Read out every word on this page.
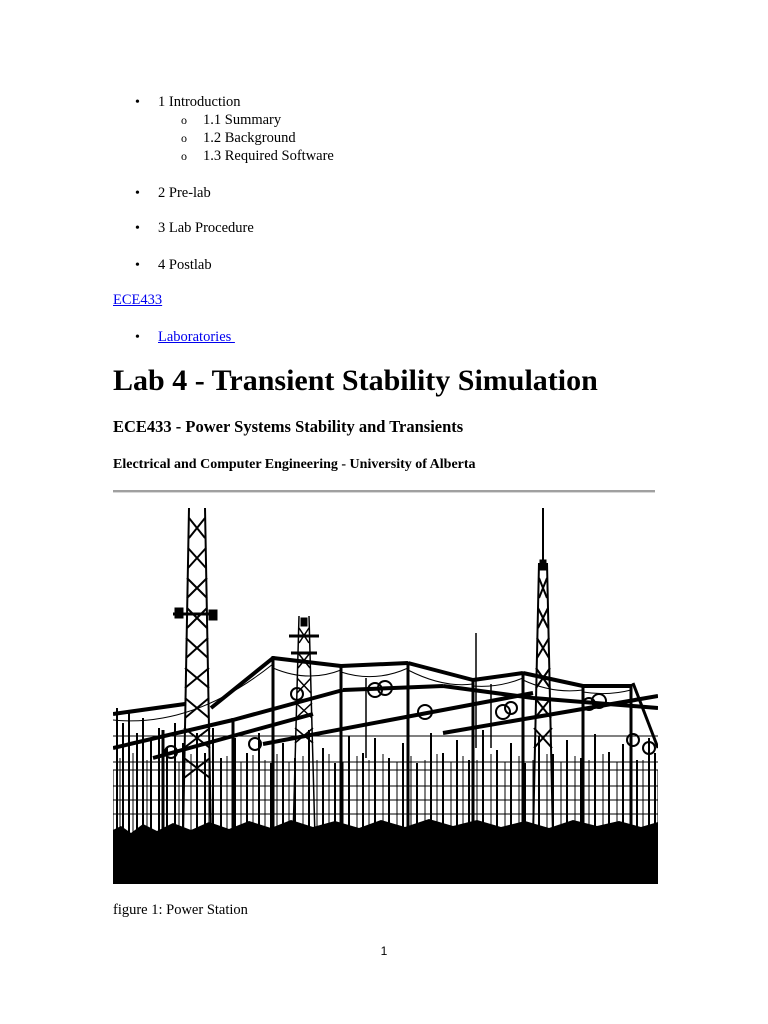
• 1 Introduction
o 1.1 Summary
o 1.2 Background
o 1.3 Required Software
• 2 Pre-lab
• 3 Lab Procedure
• 4 Postlab
ECE433
• Laboratories
Lab 4 - Transient Stability Simulation
ECE433 - Power Systems Stability and Transients
Electrical and Computer Engineering - University of Alberta
figure 1: Power Station
1
